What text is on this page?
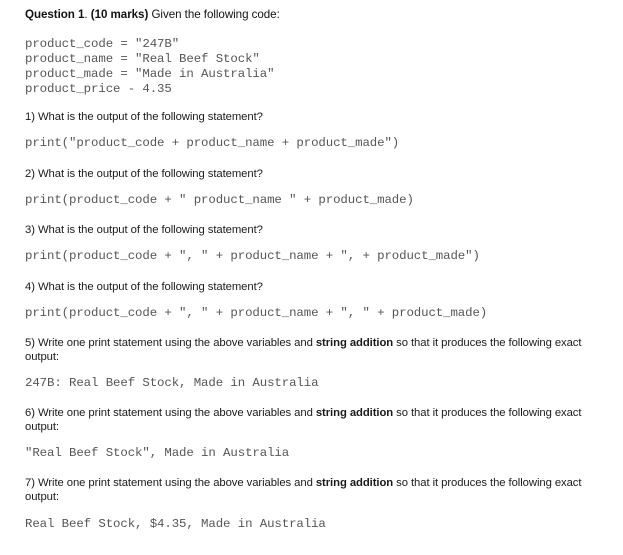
Question 1. (10 marks) Given the following code:
product_code = "247B"
product_name = "Real Beef Stock"
product_made = "Made in Australia"
product_price - 4.35
1) What is the output of the following statement?
print("product_code + product_name + product_made")
2) What is the output of the following statement?
print(product_code + " product_name " + product_made)
3) What is the output of the following statement?
print(product_code + ", " + product_name + ", + product_made")
4) What is the output of the following statement?
print(product_code + ", " + product_name + ", " + product_made)
5) Write one print statement using the above variables and string addition so that it produces the following exact output:
247B: Real Beef Stock, Made in Australia
6) Write one print statement using the above variables and string addition so that it produces the following exact output:
"Real Beef Stock", Made in Australia
7) Write one print statement using the above variables and string addition so that it produces the following exact output:
Real Beef Stock, $4.35, Made in Australia
